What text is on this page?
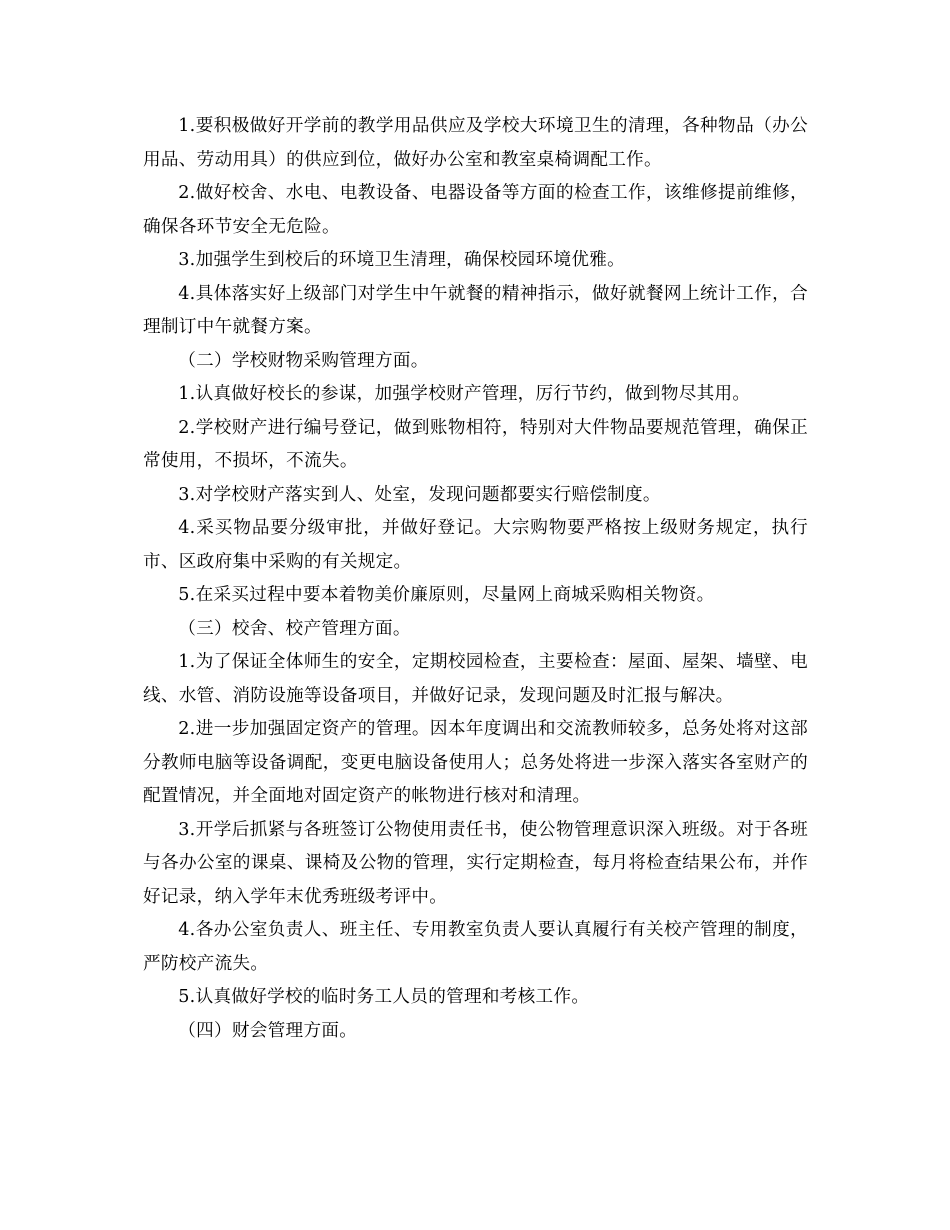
1.要积极做好开学前的教学用品供应及学校大环境卫生的清理，各种物品（办公用品、劳动用具）的供应到位，做好办公室和教室桌椅调配工作。

2.做好校舍、水电、电教设备、电器设备等方面的检查工作，该维修提前维修，确保各环节安全无危险。

3.加强学生到校后的环境卫生清理，确保校园环境优雅。

4.具体落实好上级部门对学生中午就餐的精神指示，做好就餐网上统计工作，合理制订中午就餐方案。

（二）学校财物采购管理方面。

1.认真做好校长的参谋，加强学校财产管理，厉行节约，做到物尽其用。

2.学校财产进行编号登记，做到账物相符，特别对大件物品要规范管理，确保正常使用，不损坏，不流失。

3.对学校财产落实到人、处室，发现问题都要实行赔偿制度。

4.采买物品要分级审批，并做好登记。大宗购物要严格按上级财务规定，执行市、区政府集中采购的有关规定。

5.在采买过程中要本着物美价廉原则，尽量网上商城采购相关物资。

（三）校舍、校产管理方面。

1.为了保证全体师生的安全，定期校园检查，主要检查：屋面、屋架、墙壁、电线、水管、消防设施等设备项目，并做好记录，发现问题及时汇报与解决。

2.进一步加强固定资产的管理。因本年度调出和交流教师较多，总务处将对这部分教师电脑等设备调配，变更电脑设备使用人；总务处将进一步深入落实各室财产的配置情况，并全面地对固定资产的帐物进行核对和清理。

3.开学后抓紧与各班签订公物使用责任书，使公物管理意识深入班级。对于各班与各办公室的课桌、课椅及公物的管理，实行定期检查，每月将检查结果公布，并作好记录，纳入学年末优秀班级考评中。

4.各办公室负责人、班主任、专用教室负责人要认真履行有关校产管理的制度，严防校产流失。

5.认真做好学校的临时务工人员的管理和考核工作。

（四）财会管理方面。
